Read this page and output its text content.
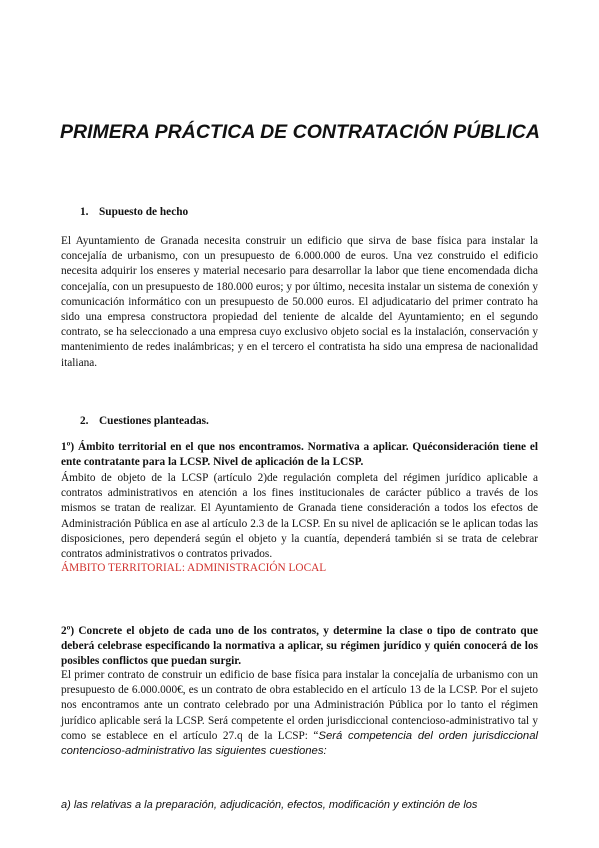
PRIMERA PRÁCTICA DE CONTRATACIÓN PÚBLICA
1. Supuesto de hecho
El Ayuntamiento de Granada necesita construir un edificio que sirva de base física para instalar la concejalía de urbanismo, con un presupuesto de 6.000.000 de euros. Una vez construido el edificio necesita adquirir los enseres y material necesario para desarrollar la labor que tiene encomendada dicha concejalía, con un presupuesto de 180.000 euros; y por último, necesita instalar un sistema de conexión y comunicación informático con un presupuesto de 50.000 euros. El adjudicatario del primer contrato ha sido una empresa constructora propiedad del teniente de alcalde del Ayuntamiento; en el segundo contrato, se ha seleccionado a una empresa cuyo exclusivo objeto social es la instalación, conservación y mantenimiento de redes inalámbricas; y en el tercero el contratista ha sido una empresa de nacionalidad italiana.
2. Cuestiones planteadas.
1º) Ámbito territorial en el que nos encontramos. Normativa a aplicar. Quéconsideración tiene el ente contratante para la LCSP. Nivel de aplicación de la LCSP.
Ámbito de objeto de la LCSP (artículo 2)de regulación completa del régimen jurídico aplicable a contratos administrativos en atención a los fines institucionales de carácter público a través de los mismos se tratan de realizar. El Ayuntamiento de Granada tiene consideración a todos los efectos de Administración Pública en ase al artículo 2.3 de la LCSP. En su nivel de aplicación se le aplican todas las disposiciones, pero dependerá según el objeto y la cuantía, dependerá también si se trata de celebrar contratos administrativos o contratos privados.
ÁMBITO TERRITORIAL: ADMINISTRACIÓN LOCAL
2º) Concrete el objeto de cada uno de los contratos, y determine la clase o tipo de contrato que deberá celebrase especificando la normativa a aplicar, su régimen jurídico y quién conocerá de los posibles conflictos que puedan surgir.
El primer contrato de construir un edificio de base física para instalar la concejalía de urbanismo con un presupuesto de 6.000.000€, es un contrato de obra establecido en el artículo 13 de la LCSP. Por el sujeto nos encontramos ante un contrato celebrado por una Administración Pública por lo tanto el régimen jurídico aplicable será la LCSP. Será competente el orden jurisdiccional contencioso-administrativo tal y como se establece en el artículo 27.q de la LCSP: “Será competencia del orden jurisdiccional contencioso-administrativo las siguientes cuestiones:
a) las relativas a la preparación, adjudicación, efectos, modificación y extinción de los
